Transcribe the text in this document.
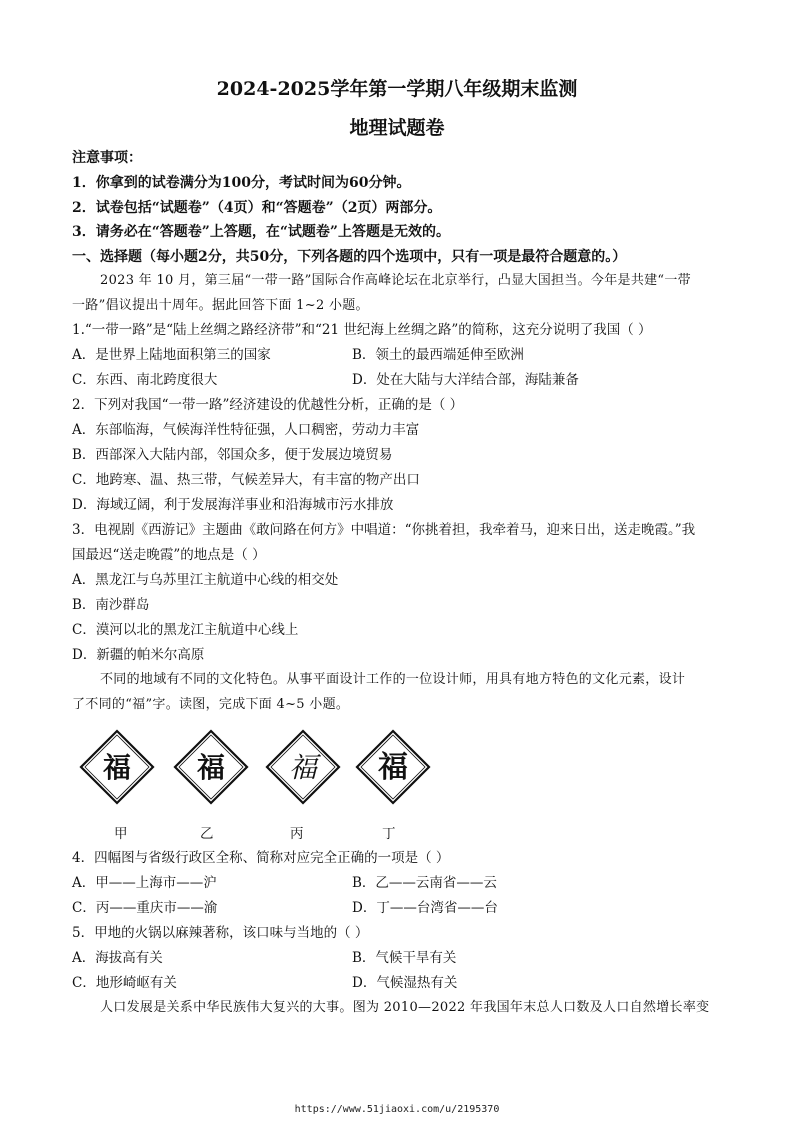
2024-2025学年第一学期八年级期末监测
地理试题卷
注意事项：
1．你拿到的试卷满分为100分，考试时间为60分钟。
2．试卷包括“试题卷”（4页）和“答题卷”（2页）两部分。
3．请务必在“答题卷”上答题，在“试题卷”上答题是无效的。
一、选择题（每小题2分，共50分，下列各题的四个选项中，只有一项是最符合题意的。）
2023 年 10 月，第三届“一带一路”国际合作高峰论坛在北京举行，凸显大国担当。今年是共建“一带
一路”倡议提出十周年。据此回答下面 1~2 小题。
1.“一带一路”是“陆上丝绸之路经济带”和“21 世纪海上丝绸之路”的简称，这充分说明了我国（ ）
A．是世界上陆地面积第三的国家	B．领土的最西端延伸至欧洲
C．东西、南北跨度很大	D．处在大陆与大洋结合部，海陆兼备
2．下列对我国“一带一路”经济建设的优越性分析，正确的是（ ）
A．东部临海，气候海洋性特征强，人口稠密，劳动力丰富
B．西部深入大陆内部，邻国众多，便于发展边境贸易
C．地跨寒、温、热三带，气候差异大，有丰富的物产出口
D．海域辽阔，利于发展海洋事业和沿海城市污水排放
3．电视剧《西游记》主题曲《敢问路在何方》中唱道：“你挑着担，我牵着马，迎来日出，送走晚霞。”我
国最迟“送走晚霞”的地点是（ ）
A．黑龙江与乌苏里江主航道中心线的相交处
B．南沙群岛
C．漠河以北的黑龙江主航道中心线上
D．新疆的帕米尔高原
不同的地域有不同的文化特色。从事平面设计工作的一位设计师，用具有地方特色的文化元素，设计
了不同的“福”字。读图，完成下面 4~5 小题。
福 福 福 福
甲	乙	丙	丁
4．四幅图与省级行政区全称、简称对应完全正确的一项是（ ）
A．甲——上海市——沪	B．乙——云南省——云
C．丙——重庆市——渝	D．丁——台湾省——台
5．甲地的火锅以麻辣著称，该口味与当地的（ ）
A．海拔高有关	B．气候干旱有关
C．地形崎岖有关	D．气候湿热有关
人口发展是关系中华民族伟大复兴的大事。图为 2010—2022 年我国年末总人口数及人口自然增长率变
https://www.51jiaoxi.com/u/2195370
